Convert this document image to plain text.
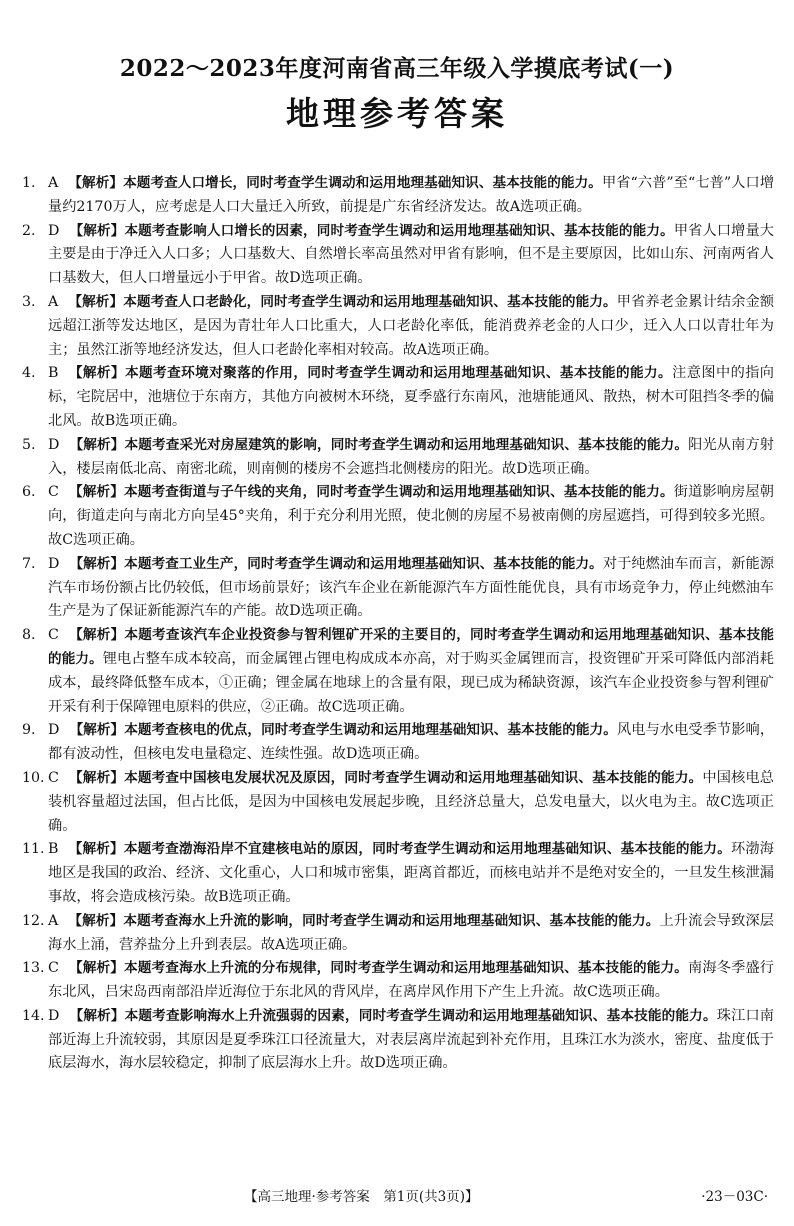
2022～2023年度河南省高三年级入学摸底考试(一)
地理参考答案
1. A 【解析】本题考查人口增长，同时考查学生调动和运用地理基础知识、基本技能的能力。甲省“六普”至“七普”人口增量约2170万人，应考虑是人口大量迁入所致，前提是广东省经济发达。故A选项正确。
2. D 【解析】本题考查影响人口增长的因素，同时考查学生调动和运用地理基础知识、基本技能的能力。甲省人口增量大主要是由于净迁入人口多；人口基数大、自然增长率高虽然对甲省有影响，但不是主要原因，比如山东、河南两省人口基数大，但人口增量远小于甲省。故D选项正确。
3. A 【解析】本题考查人口老龄化，同时考查学生调动和运用地理基础知识、基本技能的能力。甲省养老金累计结余金额远超江浙等发达地区，是因为青壮年人口比重大，人口老龄化率低，能消费养老金的人口少，迁入人口以青壮年为主；虽然江浙等地经济发达，但人口老龄化率相对较高。故A选项正确。
4. B 【解析】本题考查环境对聚落的作用，同时考查学生调动和运用地理基础知识、基本技能的能力。注意图中的指向标，宅院居中，池塘位于东南方，其他方向被树木环绕，夏季盛行东南风，池塘能通风、散热，树木可阻挡冬季的偏北风。故B选项正确。
5. D 【解析】本题考查采光对房屋建筑的影响，同时考查学生调动和运用地理基础知识、基本技能的能力。阳光从南方射入，楼层南低北高、南密北疏，则南侧的楼房不会遮挡北侧楼房的阳光。故D选项正确。
6. C 【解析】本题考查街道与子午线的夹角，同时考查学生调动和运用地理基础知识、基本技能的能力。街道影响房屋朝向，街道走向与南北方向呈45°夹角，利于充分利用光照，使北侧的房屋不易被南侧的房屋遮挡，可得到较多光照。故C选项正确。
7. D 【解析】本题考查工业生产，同时考查学生调动和运用地理基础知识、基本技能的能力。对于纯燃油车而言，新能源汽车市场份额占比仍较低，但市场前景好；该汽车企业在新能源汽车方面性能优良，具有市场竞争力，停止纯燃油车生产是为了保证新能源汽车的产能。故D选项正确。
8. C 【解析】本题考查该汽车企业投资参与智利锂矿开采的主要目的，同时考查学生调动和运用地理基础知识、基本技能的能力。锂电占整车成本较高，而金属锂占锂电构成成本亦高，对于购买金属锂而言，投资锂矿开采可降低内部消耗成本，最终降低整车成本，①正确；锂金属在地球上的含量有限，现已成为稀缺资源，该汽车企业投资参与智利锂矿开采有利于保障锂电原料的供应，②正确。故C选项正确。
9. D 【解析】本题考查核电的优点，同时考查学生调动和运用地理基础知识、基本技能的能力。风电与水电受季节影响，都有波动性，但核电发电量稳定、连续性强。故D选项正确。
10. C 【解析】本题考查中国核电发展状况及原因，同时考查学生调动和运用地理基础知识、基本技能的能力。中国核电总装机容量超过法国，但占比低，是因为中国核电发展起步晚，且经济总量大，总发电量大，以火电为主。故C选项正确。
11. B 【解析】本题考查渤海沿岸不宜建核电站的原因，同时考查学生调动和运用地理基础知识、基本技能的能力。环渤海地区是我国的政治、经济、文化重心，人口和城市密集，距离首都近，而核电站并不是绝对安全的，一旦发生核泄漏事故，将会造成核污染。故B选项正确。
12. A 【解析】本题考查海水上升流的影响，同时考查学生调动和运用地理基础知识、基本技能的能力。上升流会导致深层海水上涌，营养盐分上升到表层。故A选项正确。
13. C 【解析】本题考查海水上升流的分布规律，同时考查学生调动和运用地理基础知识、基本技能的能力。南海冬季盛行东北风，吕宋岛西南部沿岸近海位于东北风的背风岸，在离岸风作用下产生上升流。故C选项正确。
14. D 【解析】本题考查影响海水上升流强弱的因素，同时考查学生调动和运用地理基础知识、基本技能的能力。珠江口南部近海上升流较弱，其原因是夏季珠江口径流量大，对表层离岸流起到补充作用，且珠江水为淡水，密度、盐度低于底层海水，海水层较稳定，抑制了底层海水上升。故D选项正确。
【高三地理·参考答案　第1页(共3页)】	·23－03C·
